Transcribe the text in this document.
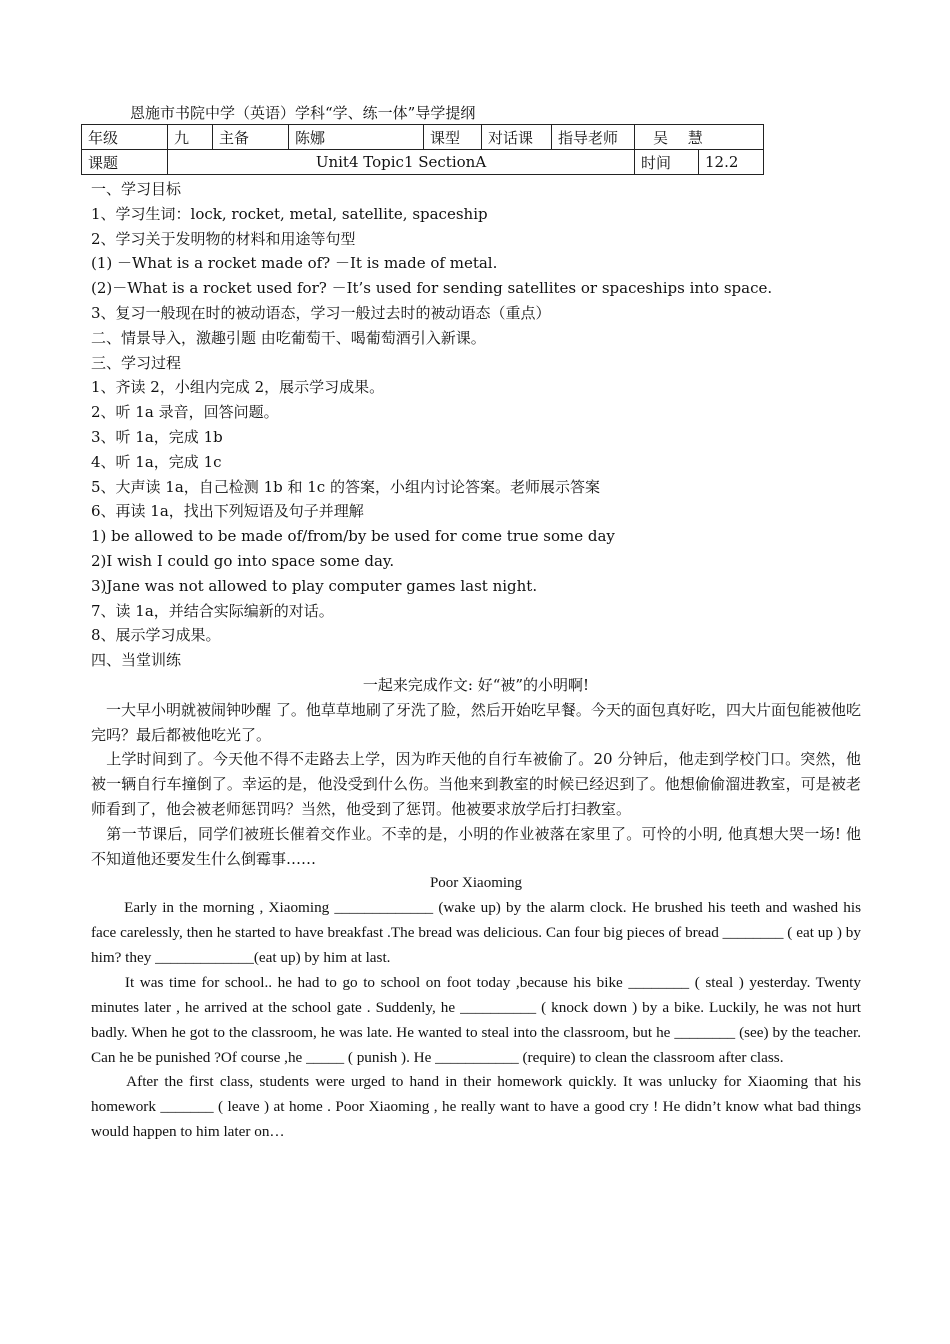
恩施市书院中学（英语）学科“学、练一体”导学提纲
年级	九	主备	陈娜	课型	对话课	指导老师	吴　 慧	
课题	Unit4 Topic1 SectionA						时间	12.2
一、学习目标
1、学习生词：lock, rocket, metal, satellite, spaceship
2、学习关于发明物的材料和用途等句型
(1) －What is a rocket made of? －It is made of metal.
(2)－What is a rocket used for? －It’s used for sending satellites or spaceships into space.
3、复习一般现在时的被动语态，学习一般过去时的被动语态（重点）
二、情景导入，激趣引题 由吃葡萄干、喝葡萄酒引入新课。
三、学习过程
1、齐读 2，小组内完成 2，展示学习成果。
2、听 1a 录音，回答问题。
3、听 1a，完成 1b
4、听 1a，完成 1c
5、大声读 1a，自己检测 1b 和 1c 的答案，小组内讨论答案。老师展示答案
6、再读 1a，找出下列短语及句子并理解
1) be allowed to be made of/from/by be used for come true some day
2)I wish I could go into space some day.
3)Jane was not allowed to play computer games last night.
7、读 1a，并结合实际编新的对话。
8、展示学习成果。
四、当堂训练
一起来完成作文: 好“被”的小明啊!
　一大早小明就被闹钟吵醒 了。他草草地刷了牙洗了脸，然后开始吃早餐。今天的面包真好吃，四大片面包能被他吃完吗？最后都被他吃光了。
　上学时间到了。今天他不得不走路去上学，因为昨天他的自行车被偷了。20 分钟后，他走到学校门口。突然，他被一辆自行车撞倒了。幸运的是，他没受到什么伤。当他来到教室的时候已经迟到了。他想偷偷溜进教室，可是被老师看到了，他会被老师惩罚吗？当然，他受到了惩罚。他被要求放学后打扫教室。
　第一节课后，同学们被班长催着交作业。不幸的是，小明的作业被落在家里了。可怜的小明, 他真想大哭一场! 他不知道他还要发生什么倒霉事……
Poor Xiaoming
　　Early in the morning , Xiaoming _____________ (wake up) by the alarm clock. He brushed his teeth and washed his face carelessly, then he started to have breakfast .The bread was delicious. Can four big pieces of bread ________ ( eat up ) by him? they _____________(eat up) by him at last.
　　It was time for school.. he had to go to school on foot today ,because his bike ________ ( steal ) yesterday. Twenty minutes later , he arrived at the school gate . Suddenly, he __________ ( knock down ) by a bike. Luckily, he was not hurt badly. When he got to the classroom, he was late. He wanted to steal into the classroom, but he ________ (see) by the teacher. Can he be punished ?Of course ,he _____ ( punish ). He ___________ (require) to clean the classroom after class.
　　After the first class, students were urged to hand in their homework quickly. It was unlucky for Xiaoming that his homework _______ ( leave ) at home . Poor Xiaoming , he really want to have a good cry ! He didn’t know what bad things would happen to him later on…
